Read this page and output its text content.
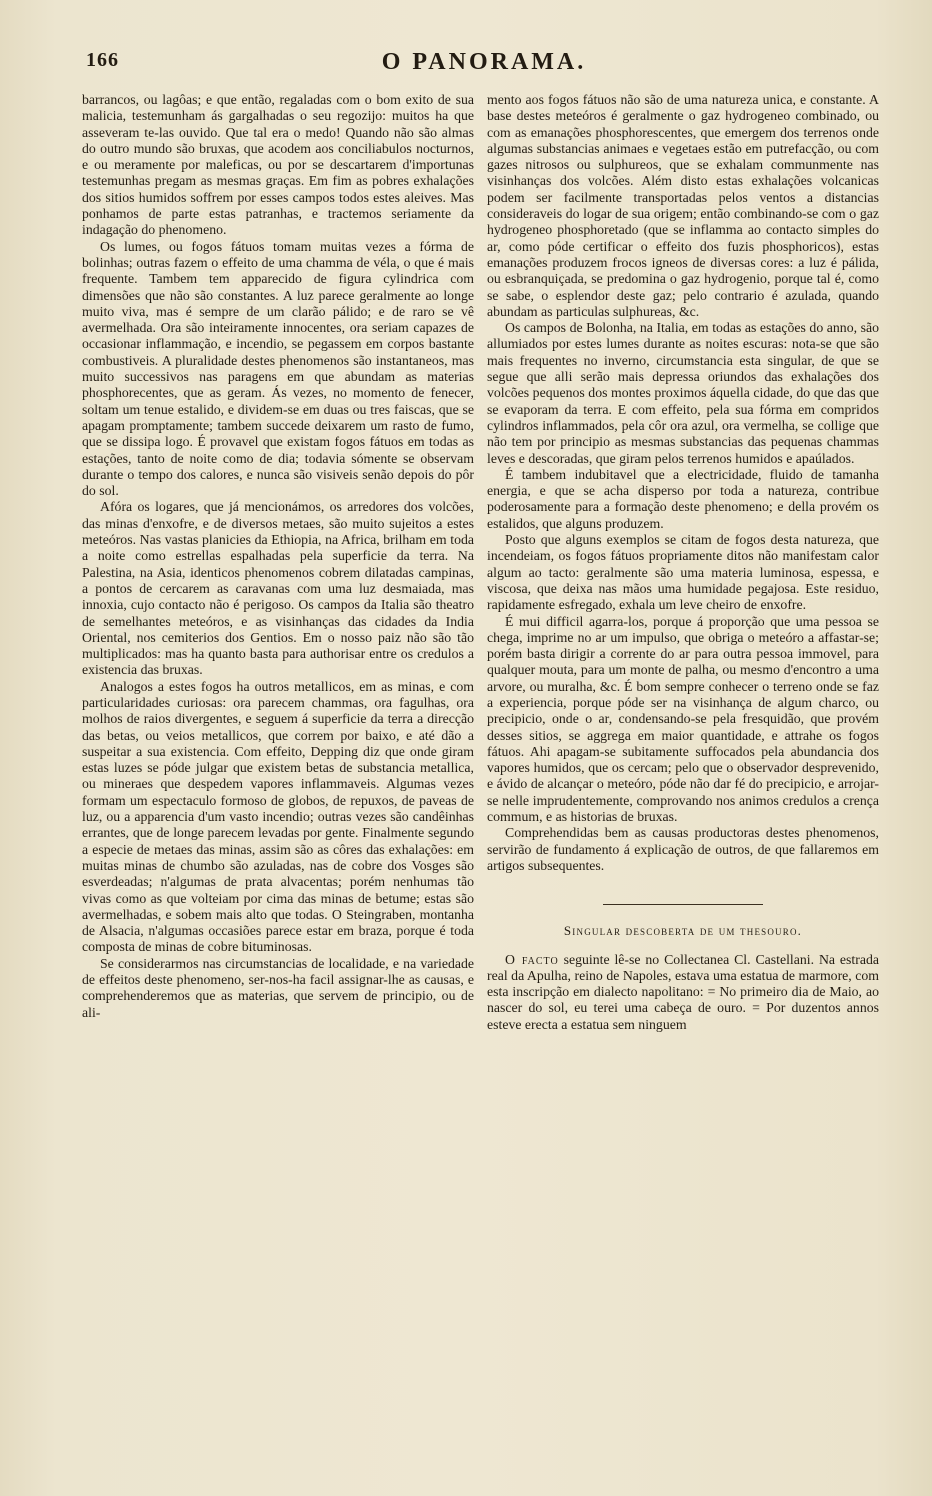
166	O PANORAMA.

barrancos, ou lagôas; e que então, regaladas com o bom exito de sua malicia, testemunham ás gargalhadas o seu regozijo: muitos ha que asseveram te-las ouvido. Que tal era o medo! Quando não são almas do outro mundo são bruxas, que acodem aos conciliabulos nocturnos, e ou meramente por maleficas, ou por se descartarem d'importunas testemunhas pregam as mesmas graças. Em fim as pobres exhalações dos sitios humidos soffrem por esses campos todos estes aleives. Mas ponhamos de parte estas patranhas, e tractemos seriamente da indagação do phenomeno.

Os lumes, ou fogos fátuos tomam muitas vezes a fórma de bolinhas; outras fazem o effeito de uma chamma de véla, o que é mais frequente. Tambem tem apparecido de figura cylindrica com dimensões que não são constantes. A luz parece geralmente ao longe muito viva, mas é sempre de um clarão pálido; e de raro se vê avermelhada. Ora são inteiramente innocentes, ora seriam capazes de occasionar inflammação, e incendio, se pegassem em corpos bastante combustiveis. A pluralidade destes phenomenos são instantaneos, mas muito successivos nas paragens em que abundam as materias phosphorecentes, que as geram. Ás vezes, no momento de fenecer, soltam um tenue estalido, e dividem-se em duas ou tres faiscas, que se apagam promptamente; tambem succede deixarem um rasto de fumo, que se dissipa logo. É provavel que existam fogos fátuos em todas as estações, tanto de noite como de dia; todavia sómente se observam durante o tempo dos calores, e nunca são visiveis senão depois do pôr do sol.

Afóra os logares, que já mencionámos, os arredores dos volcões, das minas d'enxofre, e de diversos metaes, são muito sujeitos a estes meteóros. Nas vastas planicies da Ethiopia, na Africa, brilham em toda a noite como estrellas espalhadas pela superficie da terra. Na Palestina, na Asia, identicos phenomenos cobrem dilatadas campinas, a pontos de cercarem as caravanas com uma luz desmaiada, mas innoxia, cujo contacto não é perigoso. Os campos da Italia são theatro de semelhantes meteóros, e as visinhanças das cidades da India Oriental, nos cemiterios dos Gentios. Em o nosso paiz não são tão multiplicados: mas ha quanto basta para authorisar entre os credulos a existencia das bruxas.

Analogos a estes fogos ha outros metallicos, em as minas, e com particularidades curiosas: ora parecem chammas, ora fagulhas, ora molhos de raios divergentes, e seguem á superficie da terra a direcção das betas, ou veios metallicos, que correm por baixo, e até dão a suspeitar a sua existencia. Com effeito, Depping diz que onde giram estas luzes se póde julgar que existem betas de substancia metallica, ou mineraes que despedem vapores inflammaveis. Algumas vezes formam um espectaculo formoso de globos, de repuxos, de paveas de luz, ou a apparencia d'um vasto incendio; outras vezes são candêinhas errantes, que de longe parecem levadas por gente. Finalmente segundo a especie de metaes das minas, assim são as côres das exhalações: em muitas minas de chumbo são azuladas, nas de cobre dos Vosges são esverdeadas; n'algumas de prata alvacentas; porém nenhumas tão vivas como as que volteiam por cima das minas de betume; estas são avermelhadas, e sobem mais alto que todas. O Steingraben, montanha de Alsacia, n'algumas occasiões parece estar em braza, porque é toda composta de minas de cobre bituminosas.

Se considerarmos nas circumstancias de localidade, e na variedade de effeitos deste phenomeno, ser-nos-ha facil assignar-lhe as causas, e comprehenderemos que as materias, que servem de principio, ou de ali-

mento aos fogos fátuos não são de uma natureza unica, e constante. A base destes meteóros é geralmente o gaz hydrogeneo combinado, ou com as emanações phosphorescentes, que emergem dos terrenos onde algumas substancias animaes e vegetaes estão em putrefacção, ou com gazes nitrosos ou sulphureos, que se exhalam communmente nas visinhanças dos volcões. Além disto estas exhalações volcanicas podem ser facilmente transportadas pelos ventos a distancias consideraveis do logar de sua origem; então combinando-se com o gaz hydrogeneo phosphoretado (que se inflamma ao contacto simples do ar, como póde certificar o effeito dos fuzis phosphoricos), estas emanações produzem frocos igneos de diversas cores: a luz é pálida, ou esbranquiçada, se predomina o gaz hydrogenio, porque tal é, como se sabe, o esplendor deste gaz; pelo contrario é azulada, quando abundam as particulas sulphureas, &c.

Os campos de Bolonha, na Italia, em todas as estações do anno, são allumiados por estes lumes durante as noites escuras: nota-se que são mais frequentes no inverno, circumstancia esta singular, de que se segue que alli serão mais depressa oriundos das exhalações dos volcões pequenos dos montes proximos áquella cidade, do que das que se evaporam da terra. E com effeito, pela sua fórma em compridos cylindros inflammados, pela côr ora azul, ora vermelha, se collige que não tem por principio as mesmas substancias das pequenas chammas leves e descoradas, que giram pelos terrenos humidos e apaúlados.

É tambem indubitavel que a electricidade, fluido de tamanha energia, e que se acha disperso por toda a natureza, contribue poderosamente para a formação deste phenomeno; e della provém os estalidos, que alguns produzem.

Posto que alguns exemplos se citam de fogos desta natureza, que incendeiam, os fogos fátuos propriamente ditos não manifestam calor algum ao tacto: geralmente são uma materia luminosa, espessa, e viscosa, que deixa nas mãos uma humidade pegajosa. Este residuo, rapidamente esfregado, exhala um leve cheiro de enxofre.

É mui difficil agarra-los, porque á proporção que uma pessoa se chega, imprime no ar um impulso, que obriga o meteóro a affastar-se; porém basta dirigir a corrente do ar para outra pessoa immovel, para qualquer mouta, para um monte de palha, ou mesmo d'encontro a uma arvore, ou muralha, &c. É bom sempre conhecer o terreno onde se faz a experiencia, porque póde ser na visinhança de algum charco, ou precipicio, onde o ar, condensando-se pela fresquidão, que provém desses sitios, se aggrega em maior quantidade, e attrahe os fogos fátuos. Ahi apagam-se subitamente suffocados pela abundancia dos vapores humidos, que os cercam; pelo que o observador desprevenido, e ávido de alcançar o meteóro, póde não dar fé do precipicio, e arrojar-se nelle imprudentemente, comprovando nos animos credulos a crença commum, e as historias de bruxas.

Comprehendidas bem as causas productoras destes phenomenos, servirão de fundamento á explicação de outros, de que fallaremos em artigos subsequentes.

Singular descoberta de um thesouro.

O facto seguinte lê-se no Collectanea Cl. Castellani. Na estrada real da Apulha, reino de Napoles, estava uma estatua de marmore, com esta inscripção em dialecto napolitano: = No primeiro dia de Maio, ao nascer do sol, eu terei uma cabeça de ouro. = Por duzentos annos esteve erecta a estatua sem ninguem
